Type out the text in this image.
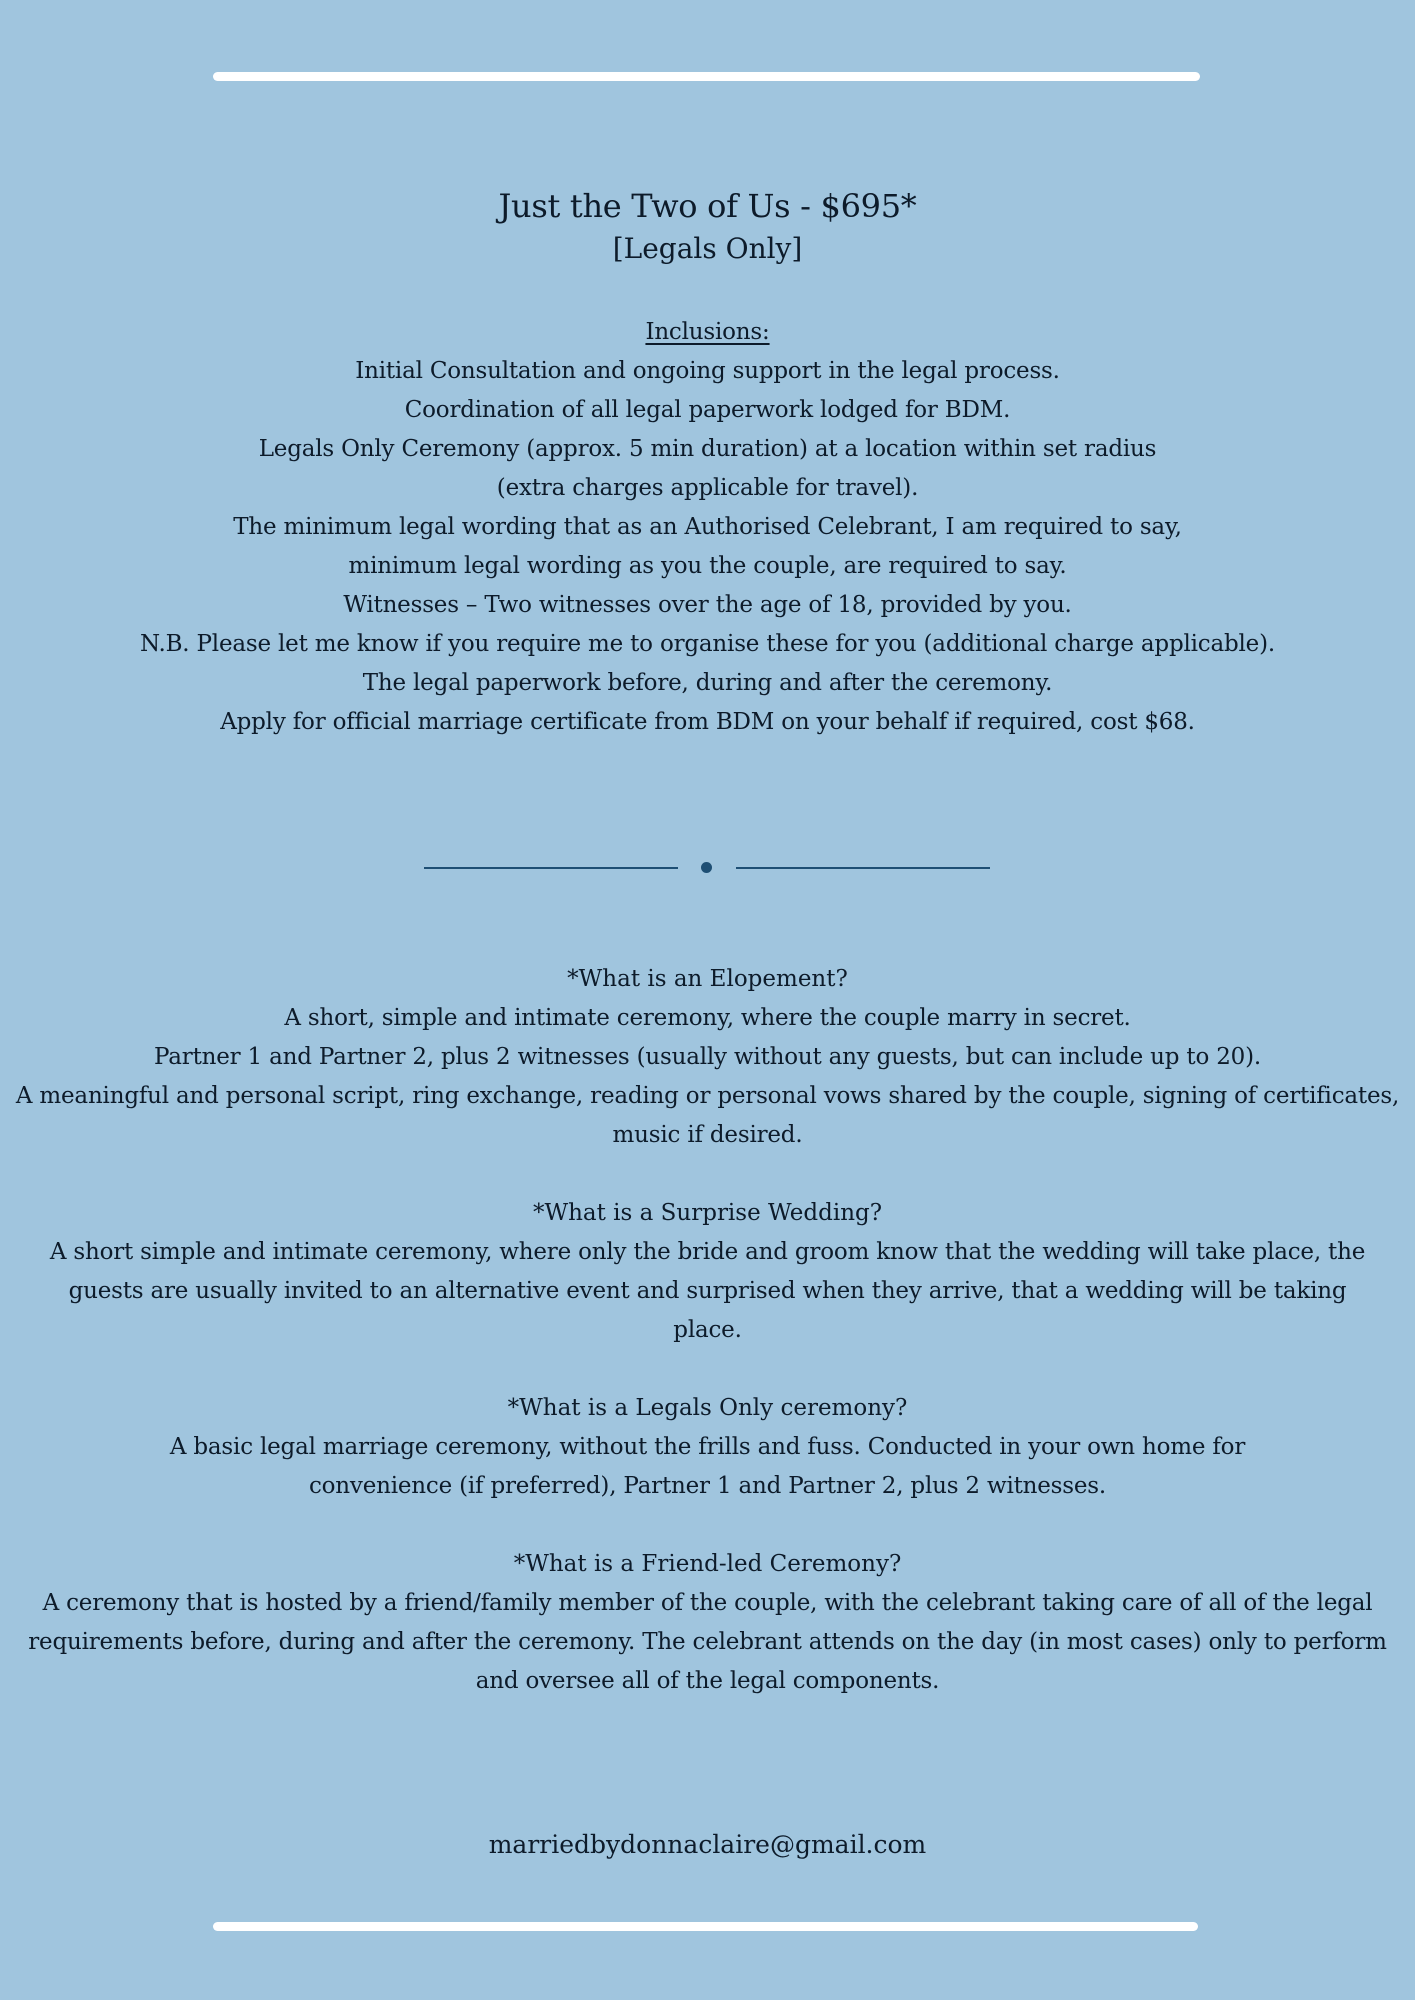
Just the Two of Us - $695*
[Legals Only]
Inclusions:
Initial Consultation and ongoing support in the legal process.
Coordination of all legal paperwork lodged for BDM.
Legals Only Ceremony (approx. 5 min duration) at a location within set radius
(extra charges applicable for travel).
The minimum legal wording that as an Authorised Celebrant, I am required to say,
minimum legal wording as you the couple, are required to say.
Witnesses – Two witnesses over the age of 18, provided by you.
N.B. Please let me know if you require me to organise these for you (additional charge applicable).
The legal paperwork before, during and after the ceremony.
Apply for official marriage certificate from BDM on your behalf if required, cost $68.
*What is an Elopement?
A short, simple and intimate ceremony, where the couple marry in secret.
Partner 1 and Partner 2, plus 2 witnesses (usually without any guests, but can include up to 20).
A meaningful and personal script, ring exchange, reading or personal vows shared by the couple, signing of certificates, music if desired.
*What is a Surprise Wedding?
A short simple and intimate ceremony, where only the bride and groom know that the wedding will take place, the guests are usually invited to an alternative event and surprised when they arrive, that a wedding will be taking place.
*What is a Legals Only ceremony?
A basic legal marriage ceremony, without the frills and fuss. Conducted in your own home for convenience (if preferred), Partner 1 and Partner 2, plus 2 witnesses.
*What is a Friend-led Ceremony?
A ceremony that is hosted by a friend/family member of the couple, with the celebrant taking care of all of the legal requirements before, during and after the ceremony. The celebrant attends on the day (in most cases) only to perform and oversee all of the legal components.
marriedbydonnaclaire@gmail.com
